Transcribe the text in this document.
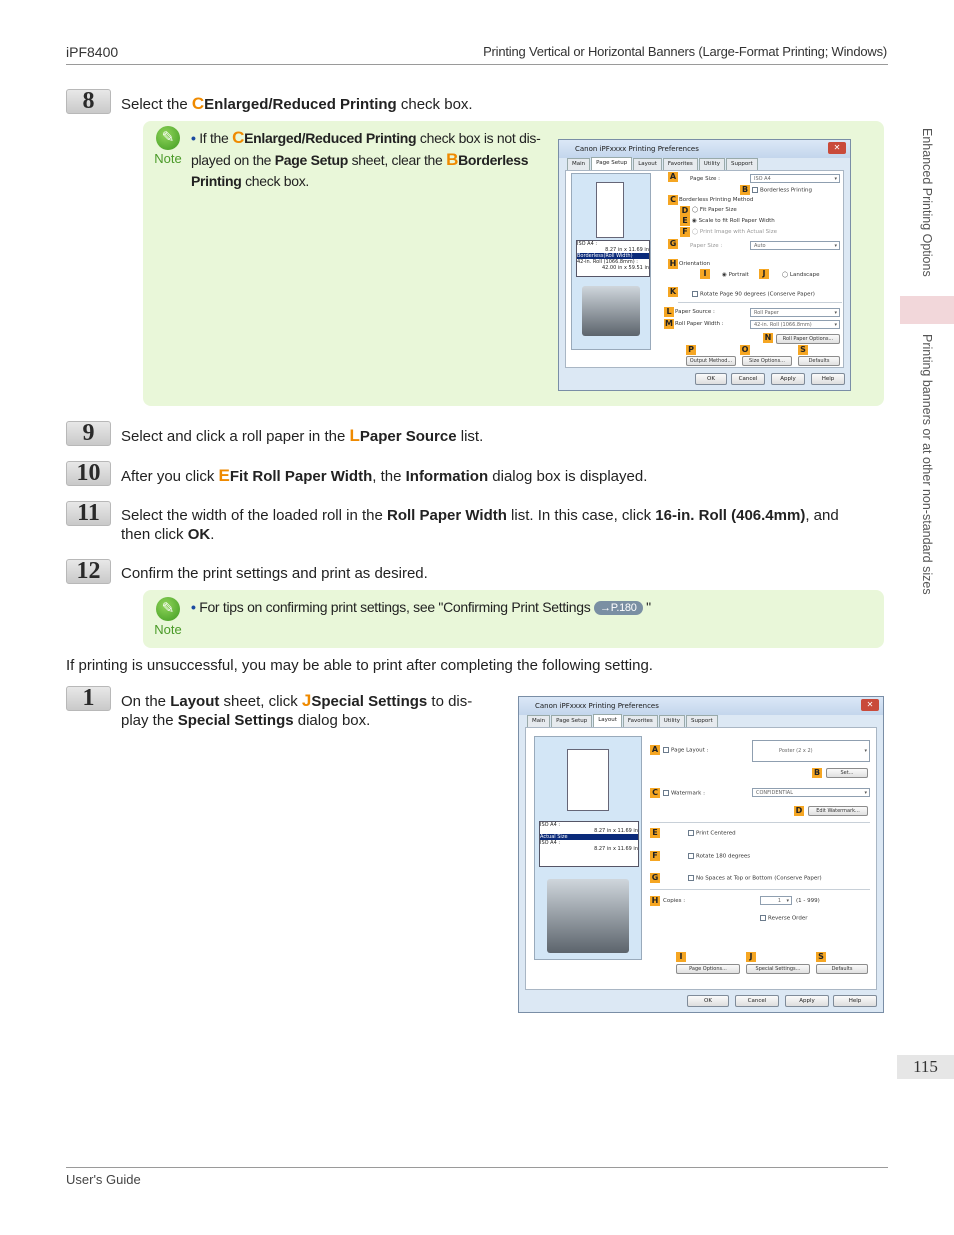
iPF8400	Printing Vertical or Horizontal Banners (Large-Format Printing; Windows)
Enhanced Printing Options
Printing banners or at other non-standard sizes
115
8	Select the CEnlarged/Reduced Printing check box.
✎
Note
• If the CEnlarged/Reduced Printing check box is not dis-
played on the Page Setup sheet, clear the BBorderless
Printing check box.
Canon iPFxxxx Printing Preferences	✕
Main	Page Setup	Layout	Favorites	Utility	Support
ISO A4 :
8.27 in x 11.69 in
Borderless(Roll Width)
42-in. Roll (1066.8mm) :
42.00 in x 59.51 in
A	Page Size :	ISO A4 ▾
B	Borderless Printing
C Borderless Printing Method
D ◯ Fit Paper Size
E ◉ Scale to fit Roll Paper Width
F ◯ Print Image with Actual Size
G	Paper Size :	Auto ▾
H Orientation
I	◉ Portrait	J	◯ Landscape
K	Rotate Page 90 degrees (Conserve Paper)
L Paper Source :	Roll Paper ▾
M Roll Paper Width :	42-in. Roll (1066.8mm) ▾
N	Roll Paper Options...
P	O	S
Output Method...	Size Options...	Defaults
OK	Cancel	Apply	Help
9	Select and click a roll paper in the LPaper Source list.
10	After you click EFit Roll Paper Width, the Information dialog box is displayed.
11	Select the width of the loaded roll in the Roll Paper Width list. In this case, click 16-in. Roll (406.4mm), and
then click OK.
12	Confirm the print settings and print as desired.
✎
Note
• For tips on confirming print settings, see "Confirming Print Settings →P.180 "
If printing is unsuccessful, you may be able to print after completing the following setting.
1	On the Layout sheet, click JSpecial Settings to dis-
play the Special Settings dialog box.
Canon iPFxxxx Printing Preferences	✕
Main	Page Setup	Layout	Favorites	Utility	Support
ISO A4 :
8.27 in x 11.69 in
Actual Size
ISO A4 :
8.27 in x 11.69 in
A	Page Layout :	Poster (2 x 2) ▾
B	Set...
C	Watermark :	CONFIDENTIAL ▾
D	Edit Watermark...
E	Print Centered
F	Rotate 180 degrees
G	No Spaces at Top or Bottom (Conserve Paper)
H Copies :	1 ▾	(1 - 999)
Reverse Order
I	J	S
Page Options...	Special Settings...	Defaults
OK	Cancel	Apply	Help
User's Guide
